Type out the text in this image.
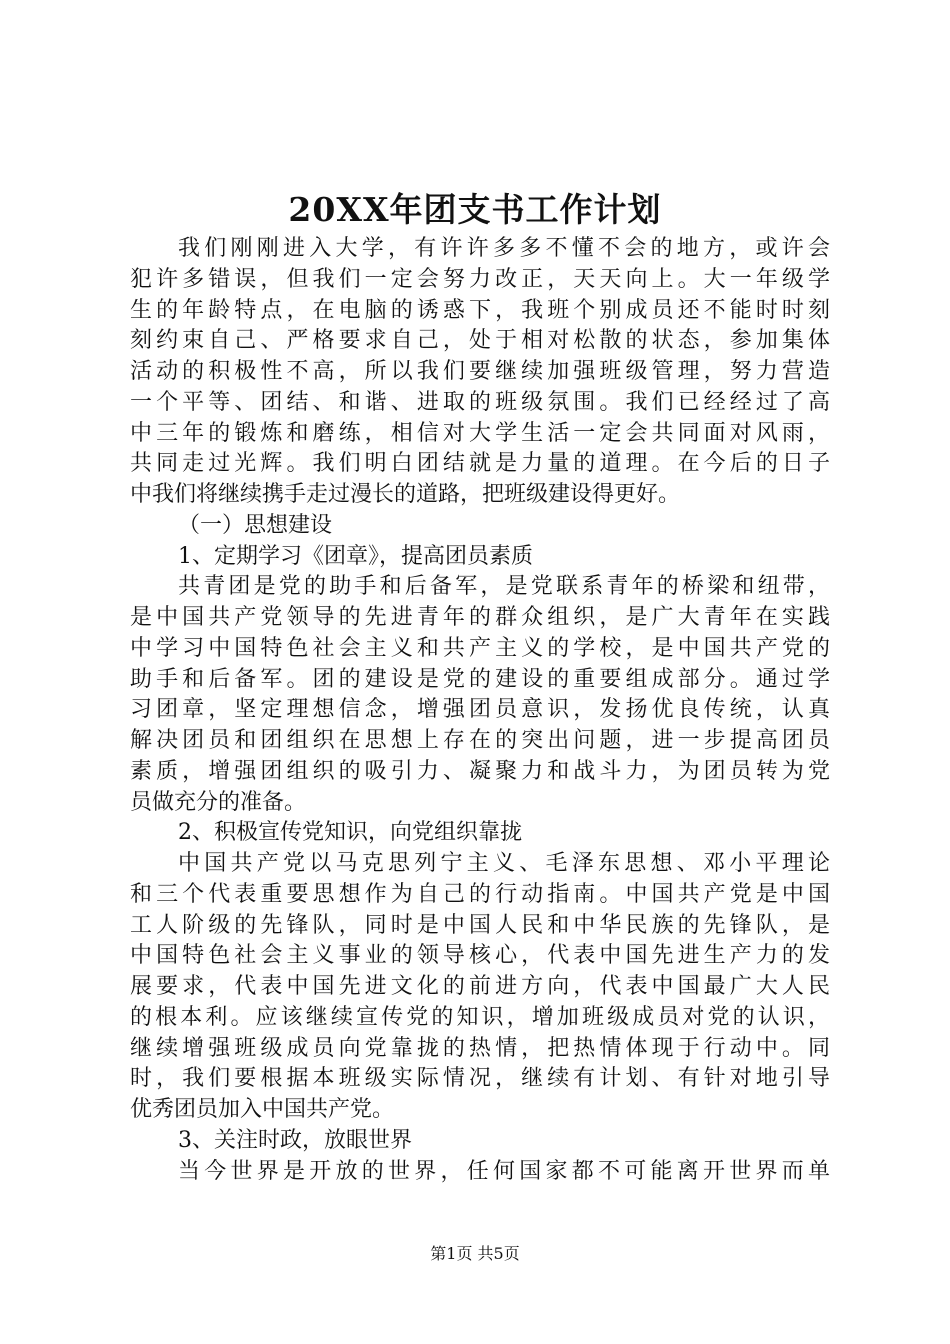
20XX年团支书工作计划
我们刚刚进入大学，有许许多多不懂不会的地方，或许会
犯许多错误，但我们一定会努力改正，天天向上。大一年级学
生的年龄特点，在电脑的诱惑下，我班个别成员还不能时时刻
刻约束自己、严格要求自己，处于相对松散的状态，参加集体
活动的积极性不高，所以我们要继续加强班级管理，努力营造
一个平等、团结、和谐、进取的班级氛围。我们已经经过了高
中三年的锻炼和磨练，相信对大学生活一定会共同面对风雨，
共同走过光辉。我们明白团结就是力量的道理。在今后的日子
中我们将继续携手走过漫长的道路，把班级建设得更好。
（一）思想建设
1、定期学习《团章》，提高团员素质
共青团是党的助手和后备军，是党联系青年的桥梁和纽带，
是中国共产党领导的先进青年的群众组织，是广大青年在实践
中学习中国特色社会主义和共产主义的学校，是中国共产党的
助手和后备军。团的建设是党的建设的重要组成部分。通过学
习团章，坚定理想信念，增强团员意识，发扬优良传统，认真
解决团员和团组织在思想上存在的突出问题，进一步提高团员
素质，增强团组织的吸引力、凝聚力和战斗力，为团员转为党
员做充分的准备。
2、积极宣传党知识，向党组织靠拢
中国共产党以马克思列宁主义、毛泽东思想、邓小平理论
和三个代表重要思想作为自己的行动指南。中国共产党是中国
工人阶级的先锋队，同时是中国人民和中华民族的先锋队，是
中国特色社会主义事业的领导核心，代表中国先进生产力的发
展要求，代表中国先进文化的前进方向，代表中国最广大人民
的根本利。应该继续宣传党的知识，增加班级成员对党的认识，
继续增强班级成员向党靠拢的热情，把热情体现于行动中。同
时，我们要根据本班级实际情况，继续有计划、有针对地引导
优秀团员加入中国共产党。
3、关注时政，放眼世界
当今世界是开放的世界，任何国家都不可能离开世界而单
第1页 共5页
